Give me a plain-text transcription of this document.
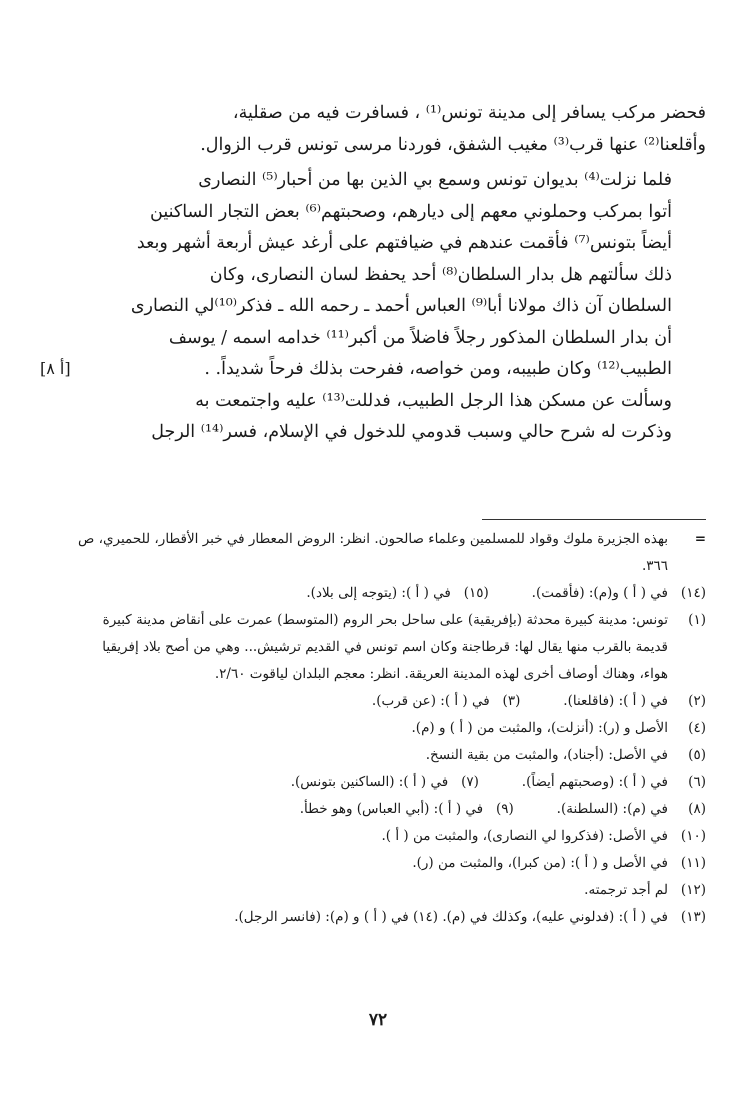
فحضر مركب يسافر إلى مدينة تونس⁽¹⁾ ، فسافرت فيه من صقلية،
وأقلعنا⁽²⁾ عنها قرب⁽³⁾ مغيب الشفق، فوردنا مرسى تونس قرب الزوال.

فلما نزلت⁽⁴⁾ بديوان تونس وسمع بي الذين بها من أحبار⁽⁵⁾ النصارى
أتوا بمركب وحملوني معهم إلى ديارهم، وصحبتهم⁽⁶⁾ بعض التجار الساكنين
أيضاً بتونس⁽⁷⁾ فأقمت عندهم في ضيافتهم على أرغد عيش أربعة أشهر وبعد
ذلك سألتهم هل بدار السلطان⁽⁸⁾ أحد يحفظ لسان النصارى، وكان
السلطان آن ذاك مولانا أبا⁽⁹⁾ العباس أحمد ـ رحمه الله ـ فذكر⁽¹⁰⁾لي النصارى
أن بدار السلطان المذكور رجلاً فاضلاً من أكبر⁽¹¹⁾ خدامه اسمه / يوسف
الطبيب⁽¹²⁾ وكان طبيبه، ومن خواصه، ففرحت بذلك فرحاً شديداً. .
وسألت عن مسكن هذا الرجل الطبيب، فدللت⁽¹³⁾ عليه واجتمعت به
وذكرت له شرح حالي وسبب قدومي للدخول في الإسلام، فسر⁽¹⁴⁾ الرجل

[۸ أ]
=
بهذه الجزيرة ملوك وقواد للمسلمين وعلماء صالحون. انظر: الروض المعطار في خبر الأقطار، للحميري، ص ٣٦٦.
(١٤)
في ( أ ) و(م): (فأقمت).          (١٥)   في ( أ ): (يتوجه إلى بلاد).
(١)
تونس: مدينة كبيرة محدثة (بإفريقية) على ساحل بحر الروم (المتوسط) عمرت على أنقاض مدينة كبيرة قديمة بالقرب منها يقال لها: قرطاجنة وكان اسم تونس في القديم ترشيش... وهي من أصح بلاد إفريقيا هواء، وهناك أوصاف أخرى لهذه المدينة العريقة. انظر: معجم البلدان لياقوت ٢/٦٠.
(٢)
في ( أ ): (فاقلعنا).          (٣)   في ( أ ): (عن قرب).
(٤)
الأصل و (ر): (أنزلت)، والمثبت من ( أ ) و (م).
(٥)
في الأصل: (أجناد)، والمثبت من بقية النسخ.
(٦)
في ( أ ): (وصحبتهم أيضاً).          (٧)   في ( أ ): (الساكنين بتونس).
(٨)
في (م): (السلطنة).          (٩)   في ( أ ): (أبي العباس) وهو خطأ.
(١٠)
في الأصل: (فذكروا لي النصارى)، والمثبت من ( أ ).
(١١)
في الأصل و ( أ ): (من كبرا)، والمثبت من (ر).
(١٢)
لم أجد ترجمته.
(١٣)
في ( أ ): (فدلوني عليه)، وكذلك في (م). (١٤) في ( أ ) و (م): (فانسر الرجل).
٧٢
